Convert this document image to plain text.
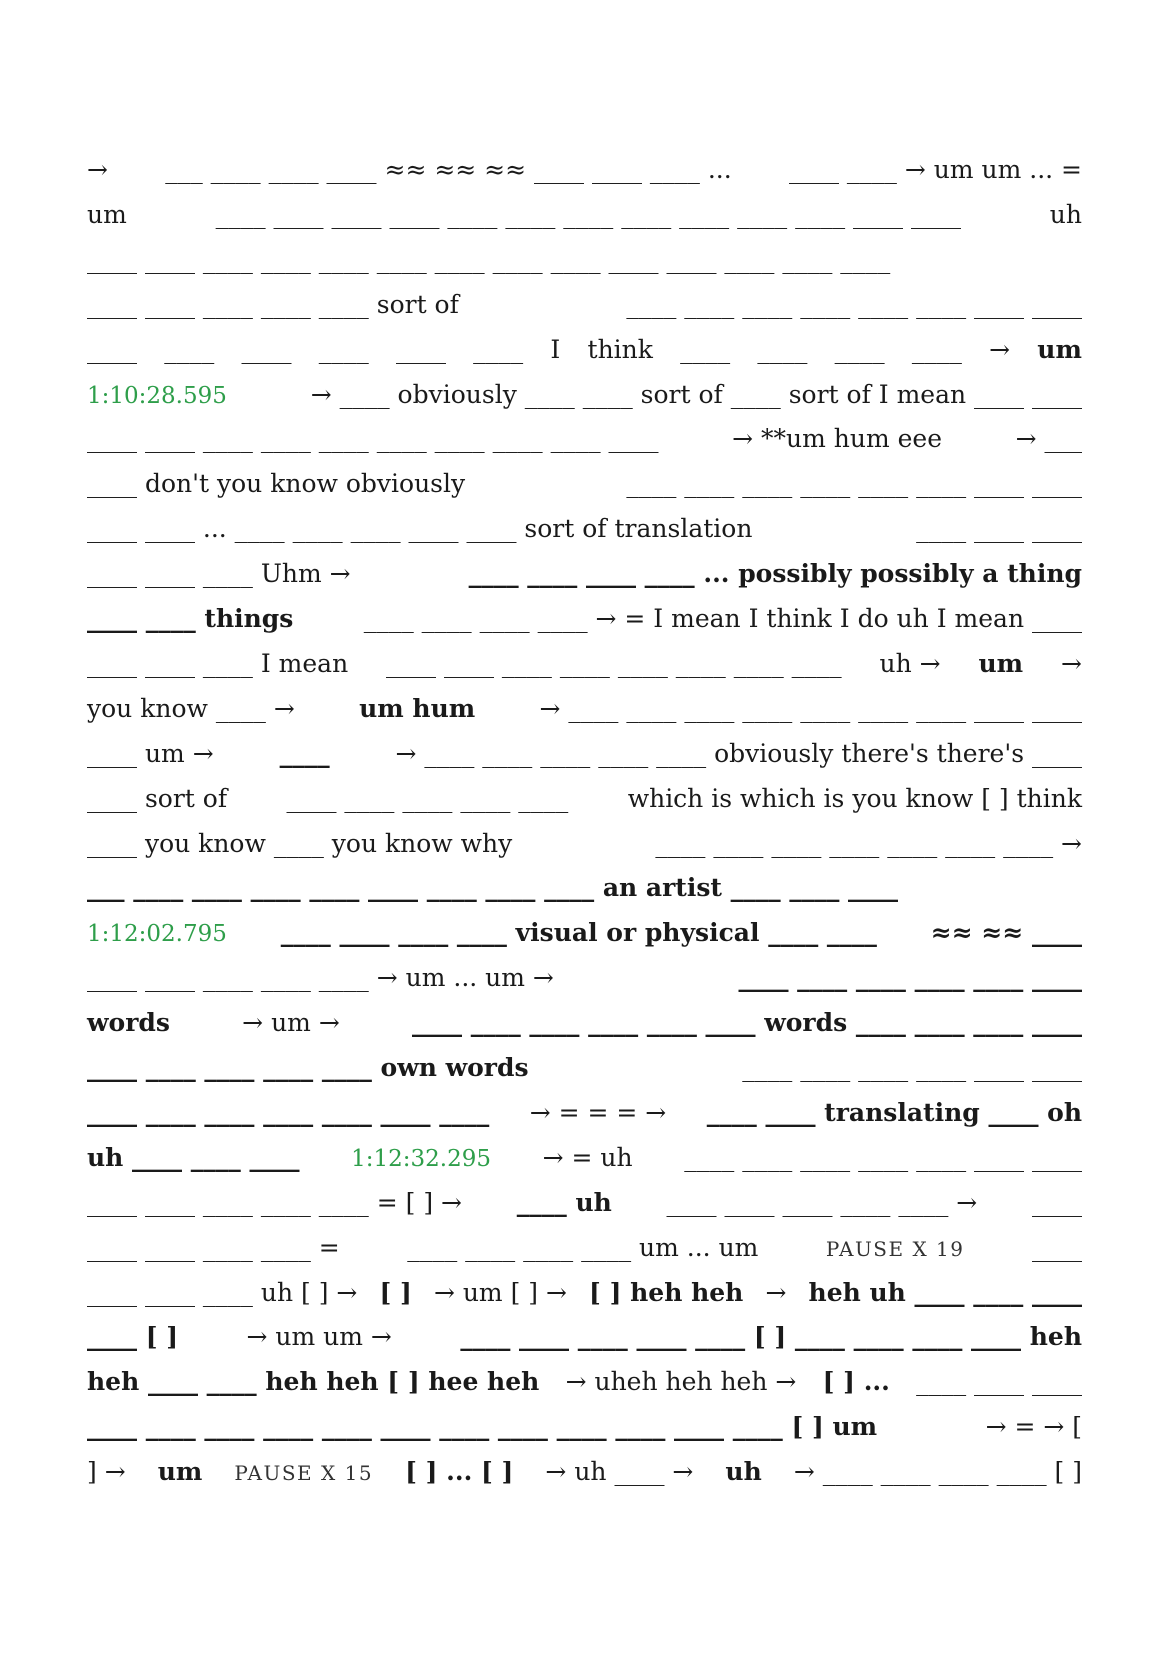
→ ___ ____ ____ ____ ≈≈ ≈≈ ≈≈ ____ ____ ____ ... ____ ____ → um um ... =
um	____ ____ ____ ____ ____ ____ ____ ____ ____ ____ ____ ____ ____	uh
____ ____ ____ ____ ____ ____ ____ ____ ____ ____ ____ ____ ____ ____
____ ____ ____ ____ ____ sort of	____ ____ ____ ____ ____ ____ ____ ____
____ ____ ____ ____ ____ ____ I think ____ ____ ____ ____ → um
1:10:28.595	→ ____ obviously ____ ____ sort of ____ sort of I mean ____ ____
____ ____ ____ ____ ____ ____ ____ ____ ____ ____	→ **um hum eee	→ ___
____ don't you know obviously	____ ____ ____ ____ ____ ____ ____ ____
____ ____ ... ____ ____ ____ ____ ____ sort of translation	____ ____ ____
____ ____ ____ Uhm →	____ ____ ____ ____ ... possibly possibly a thing
____ ____ things	____ ____ ____ ____ → = I mean I think I do uh I mean ____
____ ____ ____ I mean ____ ____ ____ ____ ____ ____ ____ ____ uh → um →
you know ____ →	um hum	→ ____ ____ ____ ____ ____ ____ ____ ____ ____
____ um →	____	→ ____ ____ ____ ____ ____ obviously there's there's ____
____ sort of ____ ____ ____ ____ ____ which is which is you know [ ] think
____ you know ____ you know why	____ ____ ____ ____ ____ ____ ____ →
___ ____ ____ ____ ____ ____ ____ ____ ____ an artist ____ ____ ____
1:12:02.795 ____ ____ ____ ____ visual or physical ____ ____ ≈≈ ≈≈ ____
____ ____ ____ ____ ____ → um ... um →	____ ____ ____ ____ ____ ____
words	→ um →	____ ____ ____ ____ ____ ____ words ____ ____ ____ ____
____ ____ ____ ____ ____ own words	____ ____ ____ ____ ____ ____
____ ____ ____ ____ ____ ____ ____ → = = = → ____ ____ translating ____ oh
uh ____ ____ ____ 1:12:32.295 → = uh ____ ____ ____ ____ ____ ____ ____
____ ____ ____ ____ ____ = [ ] → ____ uh ____ ____ ____ ____ ____ → ____
____ ____ ____ ____ =	____ ____ ____ ____ um ... um	PAUSE X 19	____
____ ____ ____ uh [ ] → [ ] → um [ ] → [ ] heh heh → heh uh ____ ____ ____
____ [ ]	→ um um →	____ ____ ____ ____ ____ [ ] ____ ____ ____ ____ heh
heh ____ ____ heh heh [ ] hee heh → uheh heh heh → [ ] ... ____ ____ ____
____ ____ ____ ____ ____ ____ ____ ____ ____ ____ ____ ____ [ ] um	→ = → [
] → um PAUSE X 15 [ ] ... [ ] → uh ____ → uh → ____ ____ ____ ____ [ ]
